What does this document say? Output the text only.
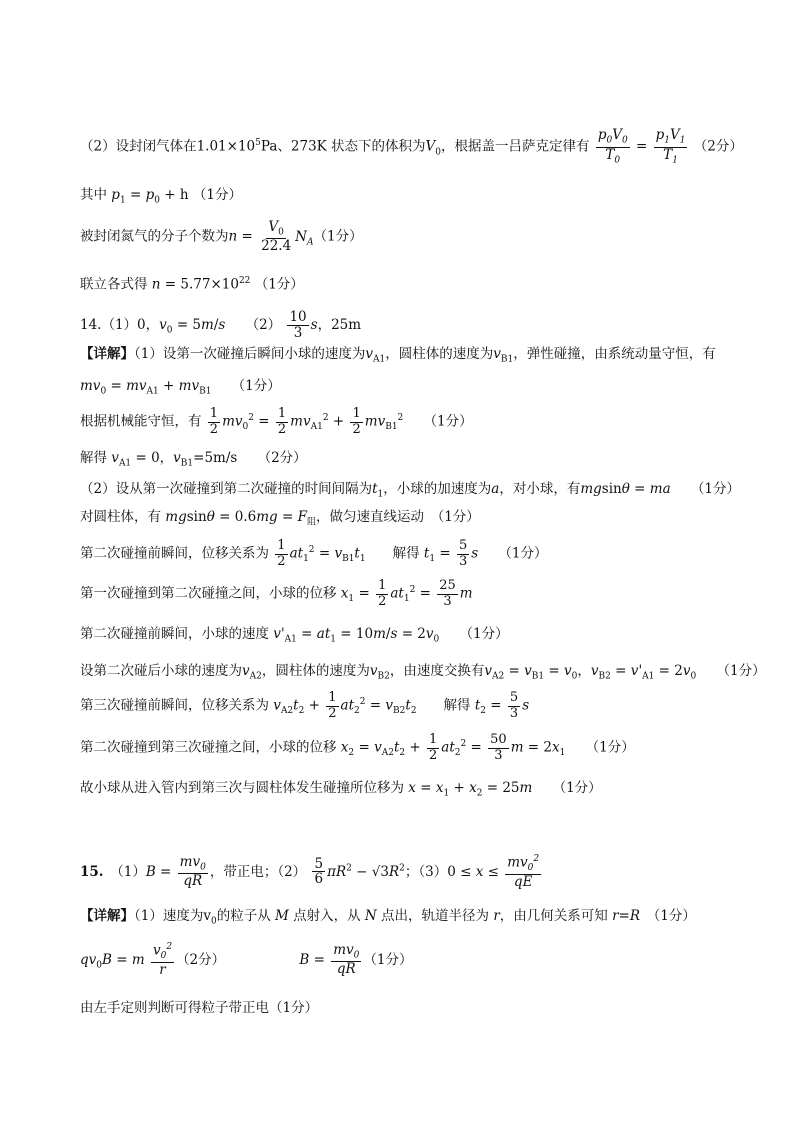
（2）设封闭气体在$1.01\times 10^5Pa$、273K 状态下的体积为$V_0$，根据盖一吕萨克定律有 $\frac{p_0V_0}{T_0} = \frac{p_1V_1}{T_1} (2$分）
其中 $p_1 = p_0 + h$ （1分）
被封闭氮气的分子个数为$n = \frac{V_0}{22.4} N_A(1$分）
联立各式得 $n = 5.77\times 10^{22}$ （1分）
14.（1）0，$v_0 = 5m/s$　　$(2) \frac{10}{3}$ s，25m
【详解】（1）设第一次碰撞后瞬间小球的速度为$v_{A1}$，圆柱体的速度为$v_{B1}$，弹性碰撞，由系统动量守恒，有
$mv_0 = mv_{A1} + mv_{B1}$　　（1分）
根据机械能守恒，有 $\frac{1}{2} mv_0^2 = \frac{1}{2} mv_{A1}^2 + \frac{1}{2} mv_{B1}^2$　　（1分）
解得 $v_{A1} = 0$，$v_{B1}=5m/s$　　（2分）
（2）设从第一次碰撞到第二次碰撞的时间间隔为$t_1$，小球的加速度为a，对小球，有mgsinθ = ma　　（1分）
对圆柱体，有 $mgsin\theta = 0.6mg = F_阻$，做匀速直线运动　（1分）
第二次碰撞前瞬间，位移关系为 $\frac{1}{2} at_1^2 = v_{B1}t_1$　　解得 $t_1 = \frac{5}{3}$ s　　（1分）
第一次碰撞到第二次碰撞之间，小球的位移 $x_1 = \frac{1}{2} at_1^2 = \frac{25}{3}$ m
第二次碰撞前瞬间，小球的速度 $v'_{A1} = at_1 = 10m/s = 2v_0$　　（1分）
设第二次碰后小球的速度为$v_{A2}$，圆柱体的速度为$v_{B2}$，由速度交换有$v_{A2} = v_{B1} = v_0$，$v_{B2} = v'_{A1} = 2v_0$　　（1分）
第三次碰撞前瞬间，位移关系为 $v_{A2}t_2 + \frac{1}{2} at_2^2 = v_{B2}t_2$　　解得 $t_2 = \frac{5}{3}$ s
第二次碰撞到第三次碰撞之间，小球的位移 $x_2 = v_{A2}t_2 + \frac{1}{2} at_2^2 = \frac{50}{3}$ $m = 2x_1$　　（1分）
故小球从进入管内到第三次与圆柱体发生碰撞所位移为 $x = x_1 + x_2 = 25m$　　（1分）
15.　$(1)B = \frac{mv_0}{qR}$ ，带正电；$(2) \frac{5}{6} \pi R^2 - √3R^2$；$(3)0 \le x \le \frac{mv_0^2}{qE}$
【详解】（1）速度为$v_0$的粒子从 M 点射入，从 N 点出，轨道半径为 r，由几何关系可知 r=R　（1分）
$qv_0B = m \frac{v_0^2}{r} (2$分）　　　　　　$B = \frac{mv_0}{qR} (1$分）
由左手定则判断可得粒子带正电（1分）
